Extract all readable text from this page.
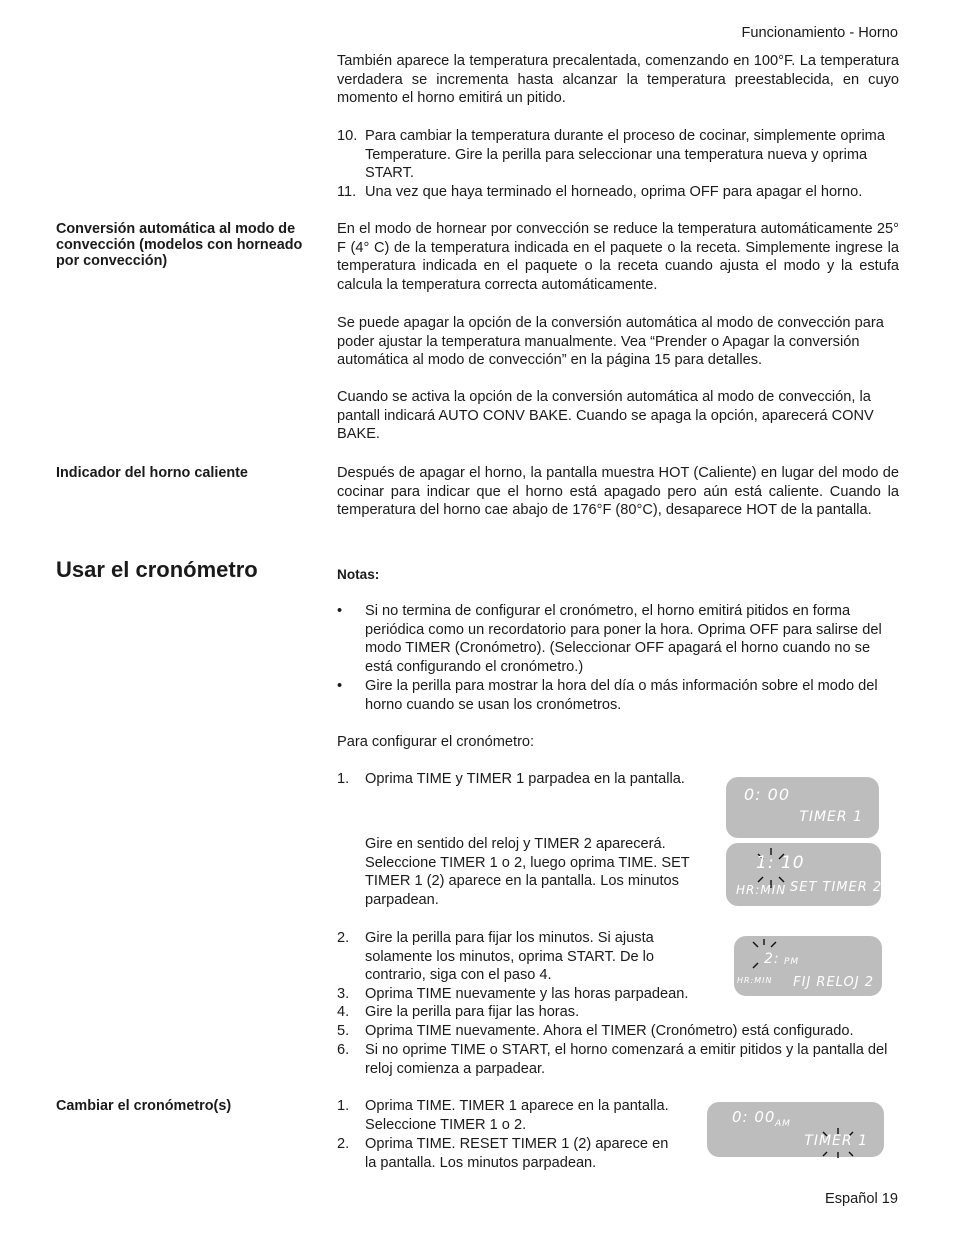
Funcionamiento - Horno

También aparece la temperatura precalentada, comenzando en 100°F. La temperatura verdadera se incrementa hasta alcanzar la temperatura preestablecida, en cuyo momento el horno emitirá un pitido.

10. Para cambiar la temperatura durante el proceso de cocinar, simplemente oprima Temperature. Gire la perilla para seleccionar una temperatura nueva y oprima START.
11. Una vez que haya terminado el horneado, oprima OFF para apagar el horno.

Conversión automática al modo de convección (modelos con horneado por convección)

En el modo de hornear por convección se reduce la temperatura automáticamente 25° F (4° C) de la temperatura indicada en el paquete o la receta. Simplemente ingrese la temperatura indicada en el paquete o la receta cuando ajusta el modo y la estufa calcula la temperatura correcta automáticamente.

Se puede apagar la opción de la conversión automática al modo de convección para poder ajustar la temperatura manualmente. Vea “Prender o Apagar la conversión automática al modo de convección” en la página 15 para detalles.

Cuando se activa la opción de la conversión automática al modo de convección, la pantall indicará AUTO CONV BAKE. Cuando se apaga la opción, aparecerá CONV BAKE.

Indicador del horno caliente	Después de apagar el horno, la pantalla muestra HOT (Caliente) en lugar del modo de cocinar para indicar que el horno está apagado pero aún está caliente. Cuando la temperatura del horno cae abajo de 176°F (80°C), desaparece HOT de la pantalla.

Usar el cronómetro	Notas:
• Si no termina de configurar el cronómetro, el horno emitirá pitidos en forma periódica como un recordatorio para poner la hora. Oprima OFF para salirse del modo TIMER (Cronómetro). (Seleccionar OFF apagará el horno cuando no se está configurando el cronómetro.)
• Gire la perilla para mostrar la hora del día o más información sobre el modo del horno cuando se usan los cronómetros.

Para configurar el cronómetro:

1. Oprima TIME y TIMER 1 parpadea en la pantalla.
Gire en sentido del reloj y TIMER 2 aparecerá. Seleccione TIMER 1 o 2, luego oprima TIME. SET TIMER 1 (2) aparece en la pantalla. Los minutos parpadean.
2. Gire la perilla para fijar los minutos. Si ajusta solamente los minutos, oprima START. De lo contrario, siga con el paso 4.
3. Oprima TIME nuevamente y las horas parpadean.
4. Gire la perilla para fijar las horas.
5. Oprima TIME nuevamente. Ahora el TIMER (Cronómetro) está configurado.
6. Si no oprime TIME o START, el horno comenzará a emitir pitidos y la pantalla del reloj comienza a parpadear.

Cambiar el cronómetro(s)	1. Oprima TIME. TIMER 1 aparece en la pantalla. Seleccione TIMER 1 o 2.
2. Oprima TIME. RESET TIMER 1 (2) aparece en la pantalla. Los minutos parpadean.
0: 00
TIMER 1
1: 10
HR:MIN SET TIMER 2
2: PM
HR:MIN FIJ RELOJ 2
0: 00 AM
TIMER 1
Español 19
